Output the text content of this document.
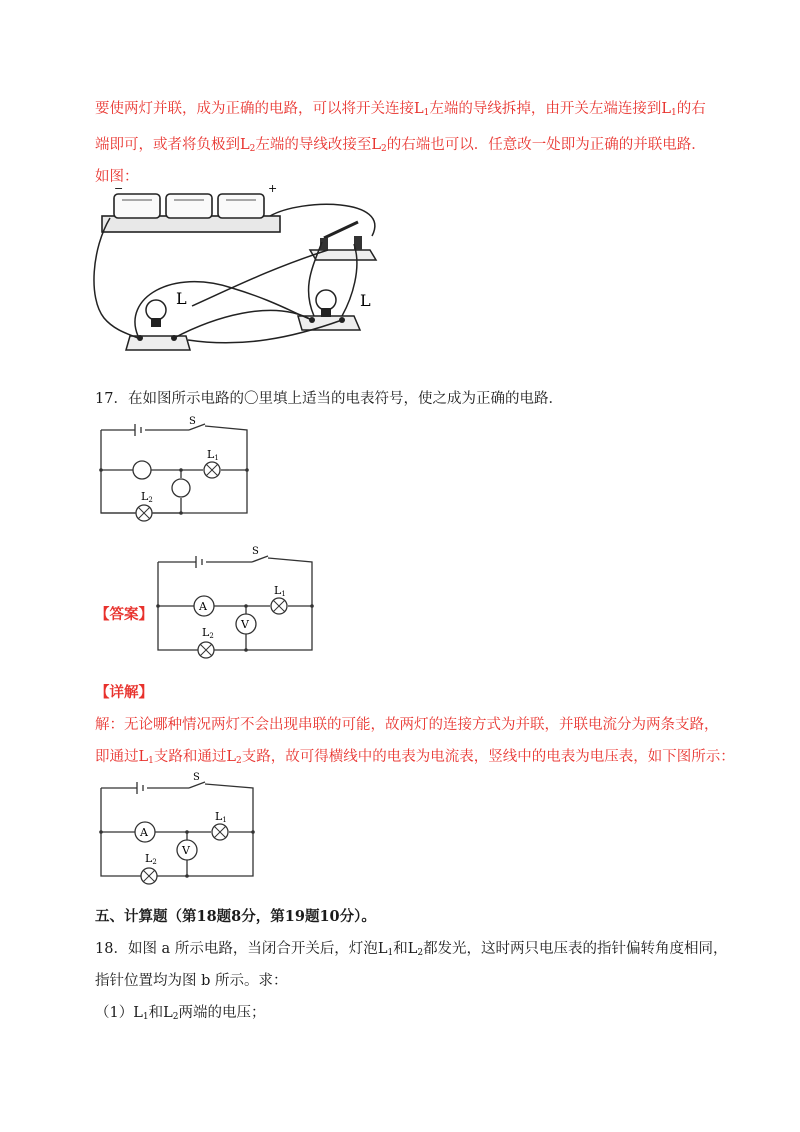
要使两灯并联，成为正确的电路，可以将开关连接$L_1$左端的导线拆掉，由开关左端连接到$L_1$的右
端即可，或者将负极到$L_2$左端的导线改接至$L_2$的右端也可以．任意改一处即为正确的并联电路．
如图：
−	+
L	L
17．在如图所示电路的〇里填上适当的电表符号，使之成为正确的电路．
S
L1
L2
【答案】	A
V
S
L1
L2
【详解】
解：无论哪种情况两灯不会出现串联的可能，故两灯的连接方式为并联，并联电流分为两条支路，
即通过$L_1$支路和通过$L_2$支路，故可得横线中的电表为电流表，竖线中的电表为电压表，如下图所示：
A
V
S
L1
L2
五、计算题（第18题8分，第19题10分）。
18．如图 a 所示电路，当闭合开关后，灯泡$L_1$和$L_2$都发光，这时两只电压表的指针偏转角度相同，
指针位置均为图 b 所示。求：
$(1)L_1$和$L_2$两端的电压；
